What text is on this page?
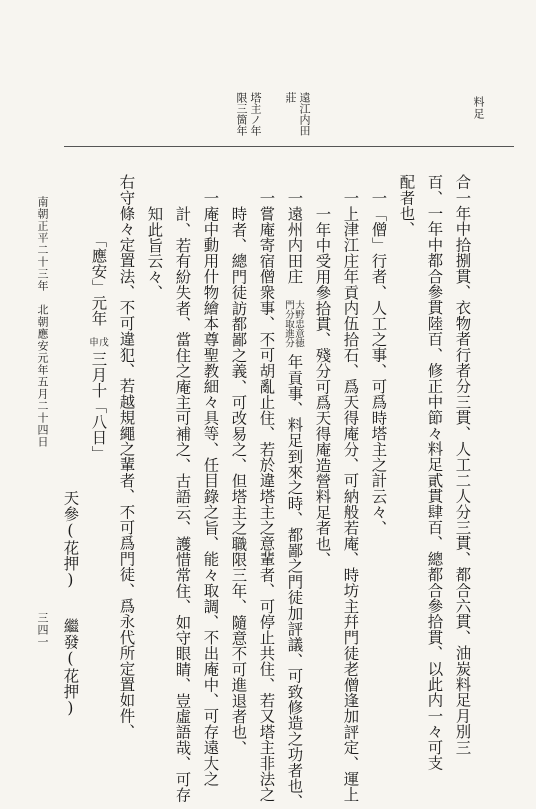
料足
遠江内田
莊
塔主ノ年
限三箇年
合一年中拾捌貫、衣物者行者分三貫、人工二人分三貫、都合六貫、油炭料足月別三
百、一年中都合參貫陸百、修正中節々料足貳貫肆百、總都合參拾貫、以此内一々可支
配者也、
一「僧」行者、人工之事、可爲時塔主之計云々、
一上津江庄年貢内伍拾石、爲天得庵分、可納般若庵、時坊主幷門徒老僧逢加評定、運上
一年中受用參拾貫、殘分可爲天得庵造營料足者也、
一遠州内田庄
大野忠意徳
門分取進分
年貢事、料足到來之時、都鄙之門徒加評議、可致修造之功者也、
一嘗庵寄宿僧衆事、不可胡亂止住、若於違塔主之意輩者、可停止共住、若又塔主非法之
時者、總門徒訪都鄙之義、可改易之、但塔主之職限三年、隨意不可進退者也、
一庵中動用什物繪本尊聖教細々具等、任目錄之旨、能々取調、不出庵中、可存遠大之
計、若有紛失者、當住之庵主可補之、古語云、護惜常住、如守眼睛、豈虛語哉、可存
知此旨云々、
右守條々定置法、不可違犯、若越規繩之輩者、不可爲門徒、爲永代所定置如件、
「應安」元年
戊
申
三月十「八日」
天參(花押)
繼發(花押)
南朝正平二十三年　北朝應安元年五月二十四日
三四一
